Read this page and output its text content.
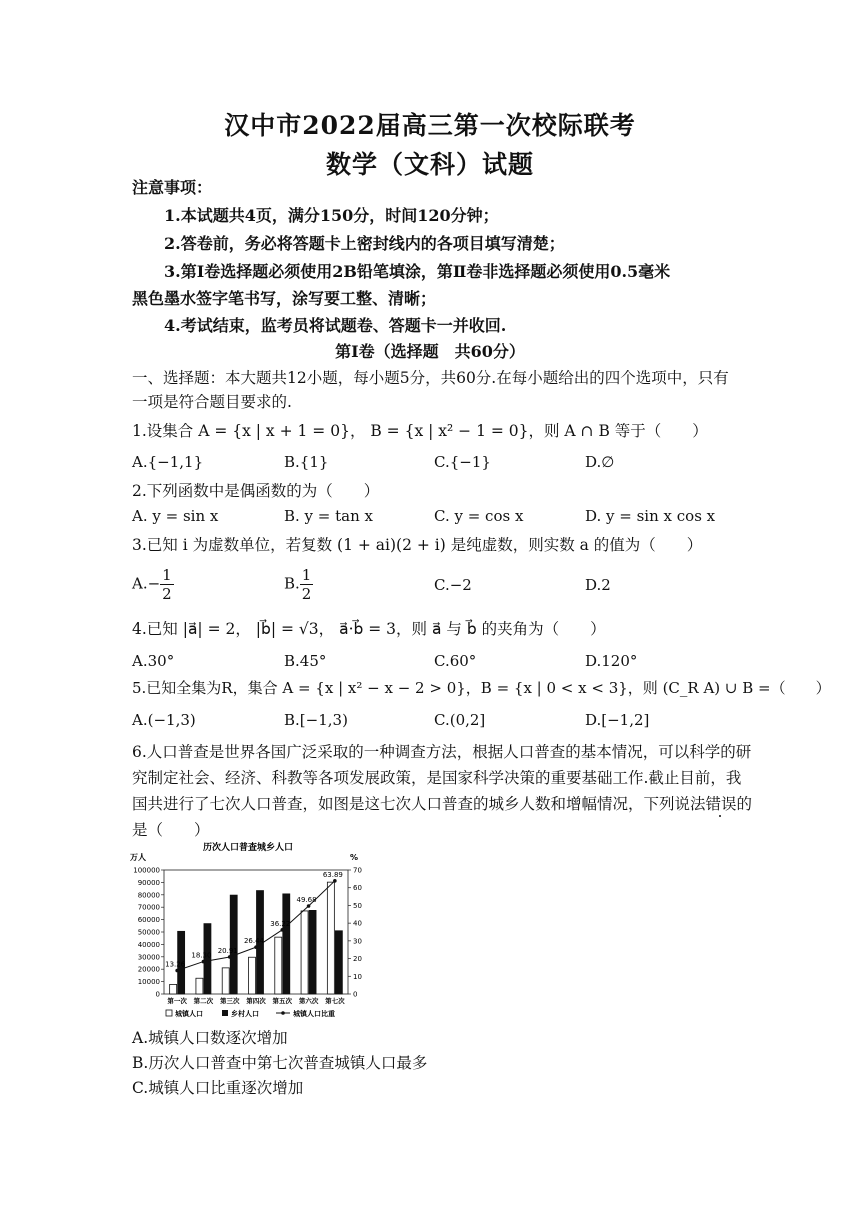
汉中市2022届高三第一次校际联考
数学（文科）试题
注意事项：
1.本试题共4页，满分150分，时间120分钟；
2.答卷前，务必将答题卡上密封线内的各项目填写清楚；
3.第Ⅰ卷选择题必须使用2B铅笔填涂，第Ⅱ卷非选择题必须使用0.5毫米
黑色墨水签字笔书写，涂写要工整、清晰；
4.考试结束，监考员将试题卷、答题卡一并收回.
第Ⅰ卷（选择题　共60分）
一、选择题：本大题共12小题，每小题5分，共60分.在每小题给出的四个选项中，只有
一项是符合题目要求的.
1.设集合 A = {x | x + 1 = 0}， B = {x | x² − 1 = 0}，则 A ∩ B 等于（　　）
A.{−1,1}	B.{1}	C.{−1}	D.∅
2.下列函数中是偶函数的为（　　）
A. y = sin x	B. y = tan x	C. y = cos x	D. y = sin x cos x
3.已知 i 为虚数单位，若复数 (1 + ai)(2 + i) 是纯虚数，则实数 a 的值为（　　）
$A.- \frac{1}{2}$	B. $\frac{1}{2}$	C.−2	D.2
4.已知 |a⃗| = 2， |b⃗| = √3， a⃗·b⃗ = 3，则 a⃗ 与 b⃗ 的夹角为（　　）
A.30°	B.45°	C.60°	D.120°
5.已知全集为R，集合 A = {x | x² − x − 2 > 0}，B = {x | 0 < x < 3}，则 (C_R A) ∪ B =（　　）
A.(−1,3)	B.[−1,3)	C.(0,2]	D.[−1,2]
6.人口普查是世界各国广泛采取的一种调查方法，根据人口普查的基本情况，可以科学的研
究制定社会、经济、科教等各项发展政策，是国家科学决策的重要基础工作.截止目前，我
国共进行了七次人口普查，如图是这七次人口普查的城乡人数和增幅情况，下列说法错误的
是（　　）
历次人口普查城乡人口
万人	%
0
10000
20000
30000
40000
50000
60000
70000
80000
90000
100000
0
10
20
30
40
50
60
70
第一次 第二次 第三次 第四次 第五次 第六次 第七次
13.26
18.30
20.91
26.44
36.22
49.68
63.89
城镇人口	乡村人口	城镇人口比重
A.城镇人口数逐次增加
B.历次人口普查中第七次普查城镇人口最多
C.城镇人口比重逐次增加
